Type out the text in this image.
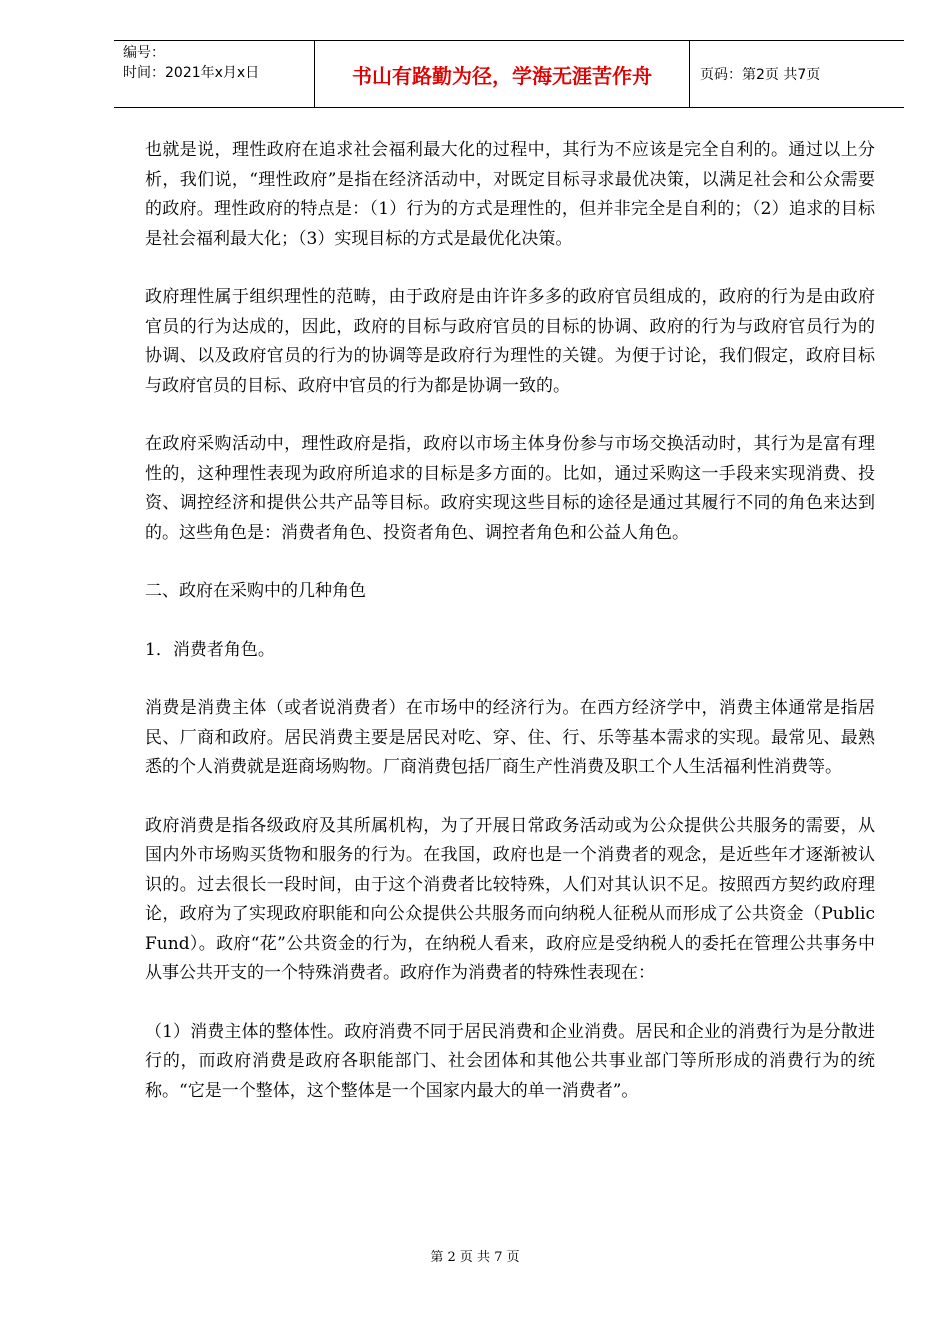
编号：
时间：2021年x月x日	书山有路勤为径，学海无涯苦作舟	页码：第2页 共7页

也就是说，理性政府在追求社会福利最大化的过程中，其行为不应该是完全自利的。通过以上分析，我们说，“理性政府”是指在经济活动中，对既定目标寻求最优决策，以满足社会和公众需要的政府。理性政府的特点是：（1）行为的方式是理性的，但并非完全是自利的；（2）追求的目标是社会福利最大化；（3）实现目标的方式是最优化决策。

政府理性属于组织理性的范畴，由于政府是由许许多多的政府官员组成的，政府的行为是由政府官员的行为达成的，因此，政府的目标与政府官员的目标的协调、政府的行为与政府官员行为的协调、以及政府官员的行为的协调等是政府行为理性的关键。为便于讨论，我们假定，政府目标与政府官员的目标、政府中官员的行为都是协调一致的。

在政府采购活动中，理性政府是指，政府以市场主体身份参与市场交换活动时，其行为是富有理性的，这种理性表现为政府所追求的目标是多方面的。比如，通过采购这一手段来实现消费、投资、调控经济和提供公共产品等目标。政府实现这些目标的途径是通过其履行不同的角色来达到的。这些角色是：消费者角色、投资者角色、调控者角色和公益人角色。

二、政府在采购中的几种角色

1．消费者角色。

消费是消费主体（或者说消费者）在市场中的经济行为。在西方经济学中，消费主体通常是指居民、厂商和政府。居民消费主要是居民对吃、穿、住、行、乐等基本需求的实现。最常见、最熟悉的个人消费就是逛商场购物。厂商消费包括厂商生产性消费及职工个人生活福利性消费等。

政府消费是指各级政府及其所属机构，为了开展日常政务活动或为公众提供公共服务的需要，从国内外市场购买货物和服务的行为。在我国，政府也是一个消费者的观念，是近些年才逐渐被认识的。过去很长一段时间，由于这个消费者比较特殊，人们对其认识不足。按照西方契约政府理论，政府为了实现政府职能和向公众提供公共服务而向纳税人征税从而形成了公共资金（Public Fund）。政府“花”公共资金的行为，在纳税人看来，政府应是受纳税人的委托在管理公共事务中从事公共开支的一个特殊消费者。政府作为消费者的特殊性表现在：

（1）消费主体的整体性。政府消费不同于居民消费和企业消费。居民和企业的消费行为是分散进行的，而政府消费是政府各职能部门、社会团体和其他公共事业部门等所形成的消费行为的统称。“它是一个整体，这个整体是一个国家内最大的单一消费者”。

第 2 页 共 7 页
